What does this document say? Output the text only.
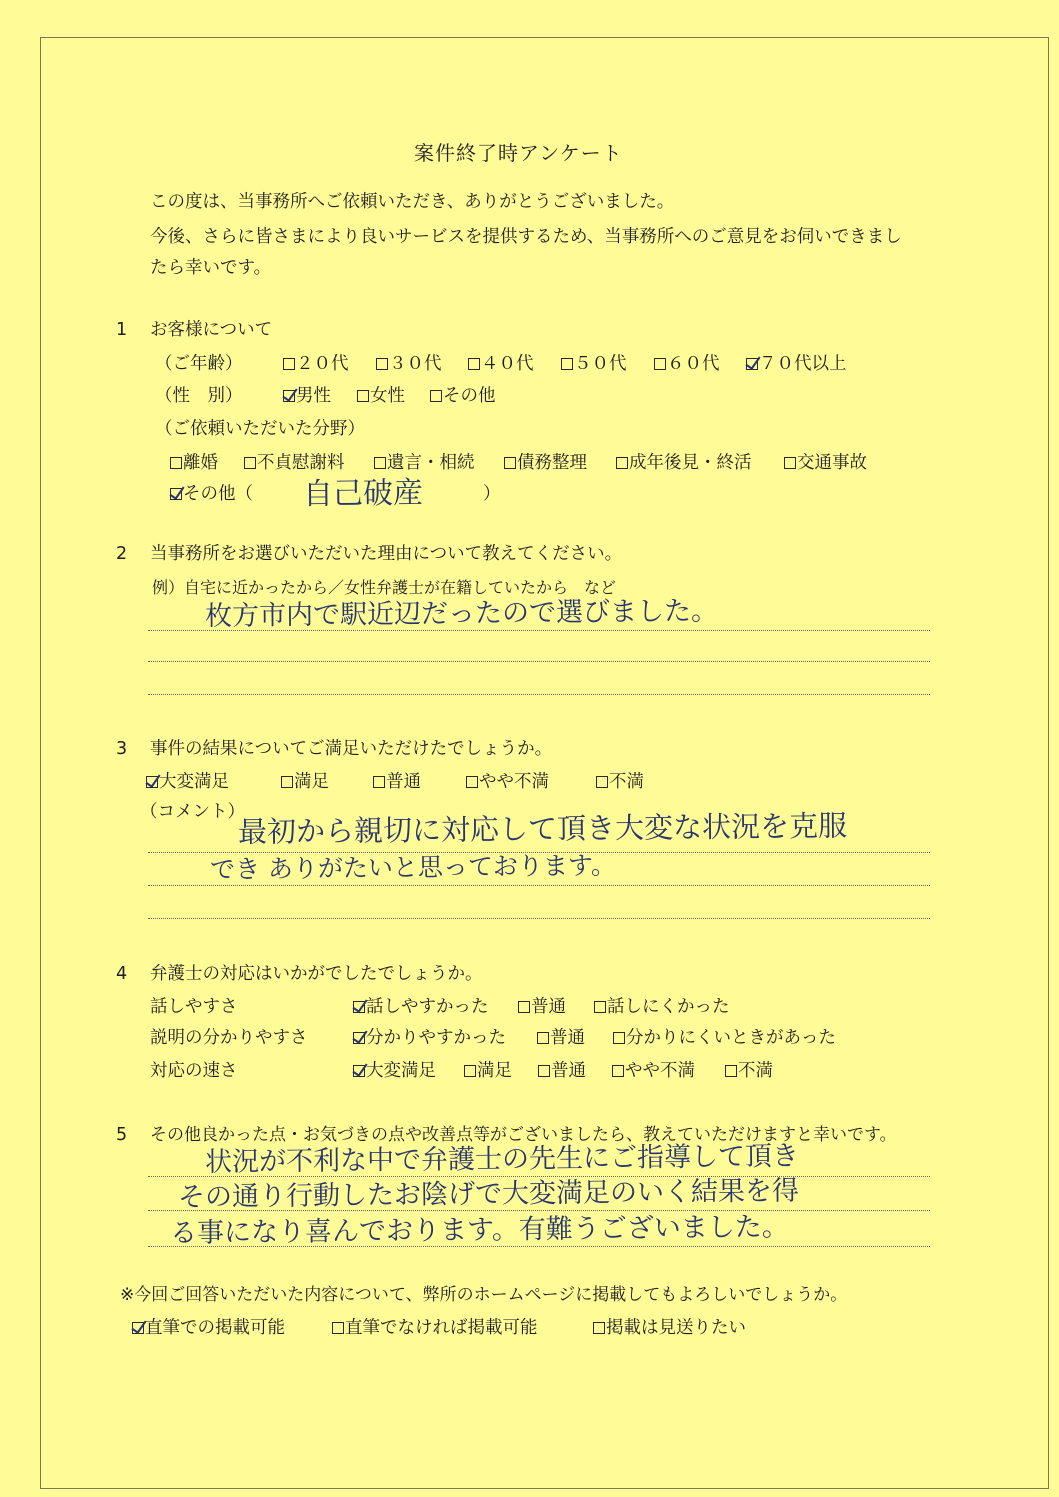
案件終了時アンケート
この度は、当事務所へご依頼いただき、ありがとうございました。
今後、さらに皆さまにより良いサービスを提供するため、当事務所へのご意見をお伺いできまし
たら幸いです。
1 お客様について
（ご年齢）	２０代	３０代	４０代	５０代	６０代	７０代以上
（性　別）	男性	女性	その他
（ご依頼いただいた分野）
離婚	不貞慰謝料	遺言・相続	債務整理	成年後見・終活	交通事故
その他（ 自己破産	）
2 当事務所をお選びいただいた理由について教えてください。
例）自宅に近かったから／女性弁護士が在籍していたから　など
枚方市内で駅近辺だったので選びました。
3 事件の結果についてご満足いただけたでしょうか。
大変満足	満足	普通	やや不満	不満
（コメント）
最初から親切に対応して頂き大変な状況を克服
でき ありがたいと思っております。
4 弁護士の対応はいかがでしたでしょうか。
話しやすさ	話しやすかった	普通	話しにくかった
説明の分かりやすさ	分かりやすかった	普通	分かりにくいときがあった
対応の速さ	大変満足	満足	普通	やや不満	不満
5 その他良かった点・お気づきの点や改善点等がございましたら、教えていただけますと幸いです。
状況が不利な中で弁護士の先生にご指導して頂き
その通り行動したお陰げで大変満足のいく結果を得
る事になり喜んでおります。有難うございました。
※今回ご回答いただいた内容について、弊所のホームページに掲載してもよろしいでしょうか。
直筆での掲載可能	直筆でなければ掲載可能	掲載は見送りたい
